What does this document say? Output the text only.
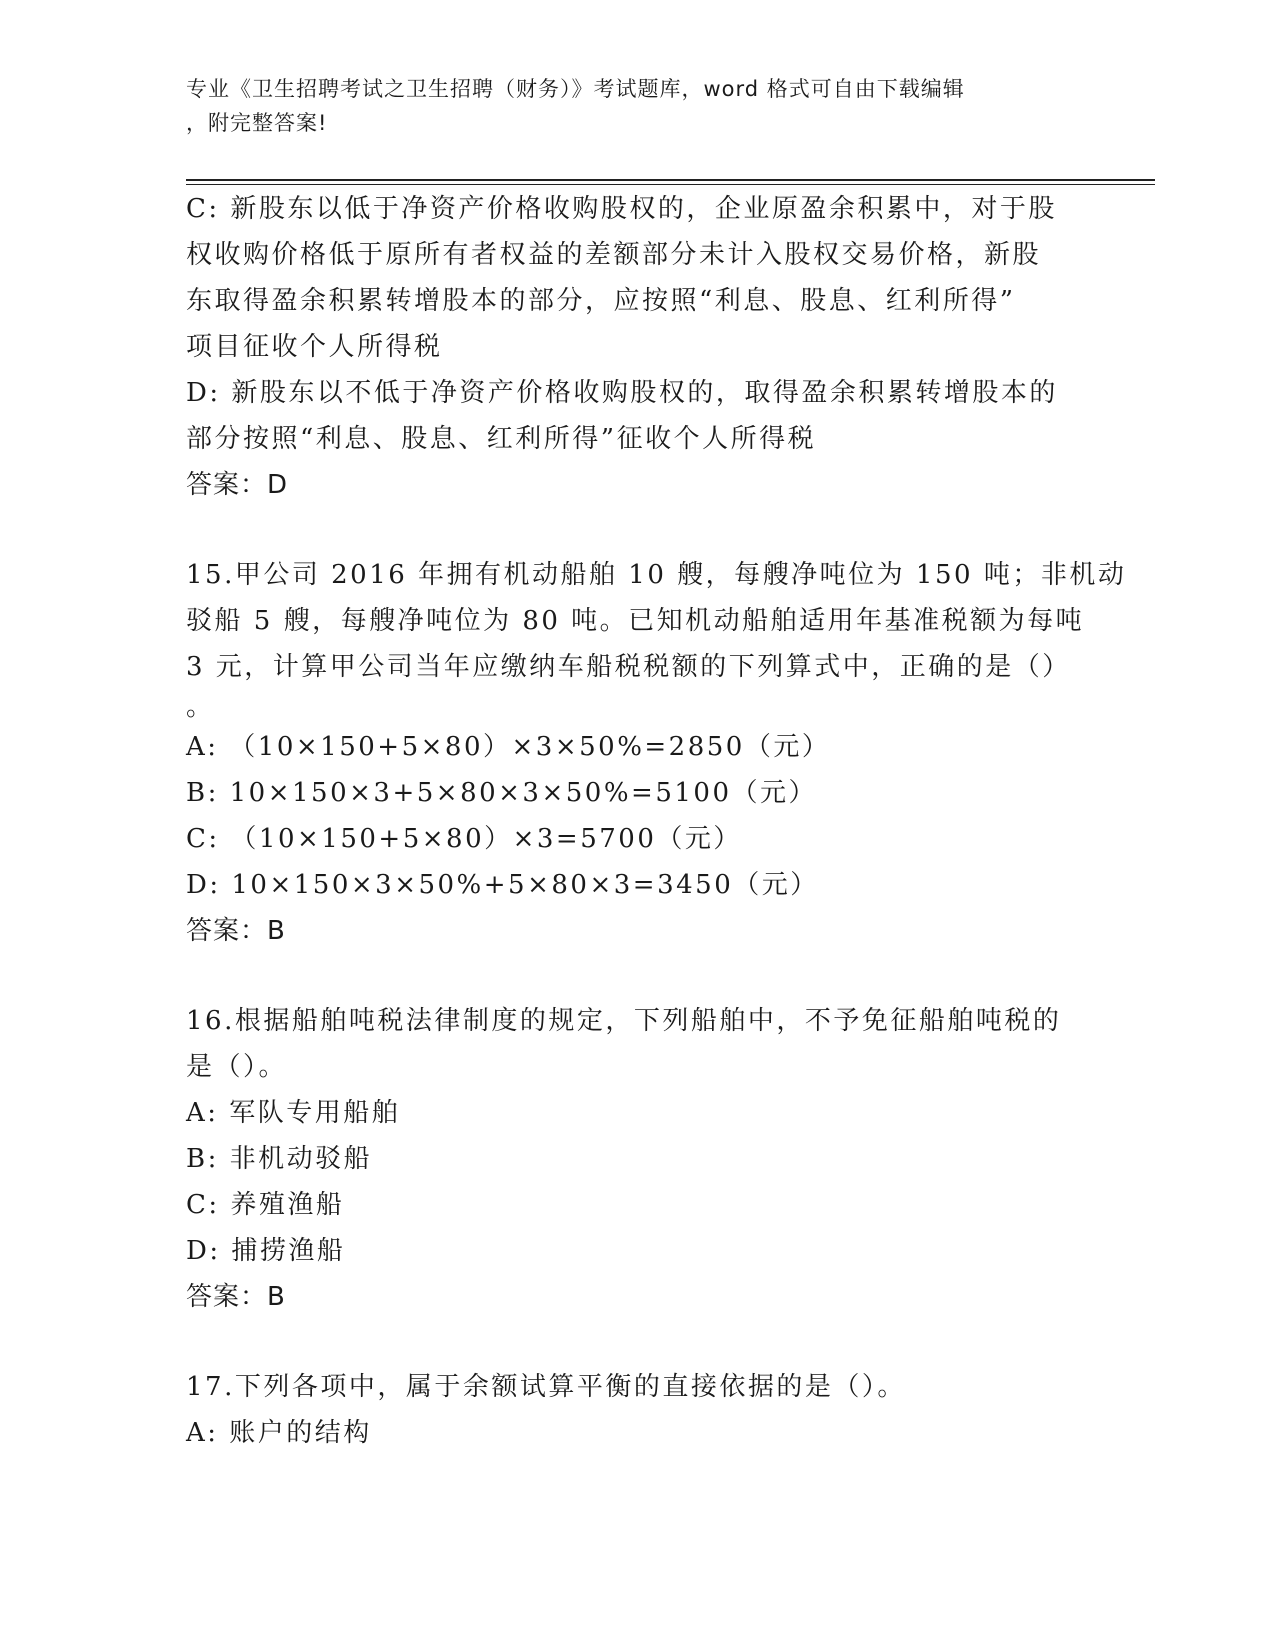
专业《卫生招聘考试之卫生招聘（财务）》考试题库，word 格式可自由下载编辑
，附完整答案!
C: 新股东以低于净资产价格收购股权的，企业原盈余积累中，对于股
权收购价格低于原所有者权益的差额部分未计入股权交易价格，新股
东取得盈余积累转增股本的部分，应按照“利息、股息、红利所得”
项目征收个人所得税
D: 新股东以不低于净资产价格收购股权的，取得盈余积累转增股本的
部分按照“利息、股息、红利所得”征收个人所得税
答案：D
15.甲公司 2016 年拥有机动船舶 10 艘，每艘净吨位为 150 吨；非机动
驳船 5 艘，每艘净吨位为 80 吨。已知机动船舶适用年基准税额为每吨
3 元，计算甲公司当年应缴纳车船税税额的下列算式中，正确的是（）
。
A: （10×150+5×80）×3×50%=2850（元）
B: 10×150×3+5×80×3×50%=5100（元）
C: （10×150+5×80）×3=5700（元）
D: 10×150×3×50%+5×80×3=3450（元）
答案：B
16.根据船舶吨税法律制度的规定，下列船舶中，不予免征船舶吨税的
是（）。
A: 军队专用船舶
B: 非机动驳船
C: 养殖渔船
D: 捕捞渔船
答案：B
17.下列各项中，属于余额试算平衡的直接依据的是（）。
A: 账户的结构
